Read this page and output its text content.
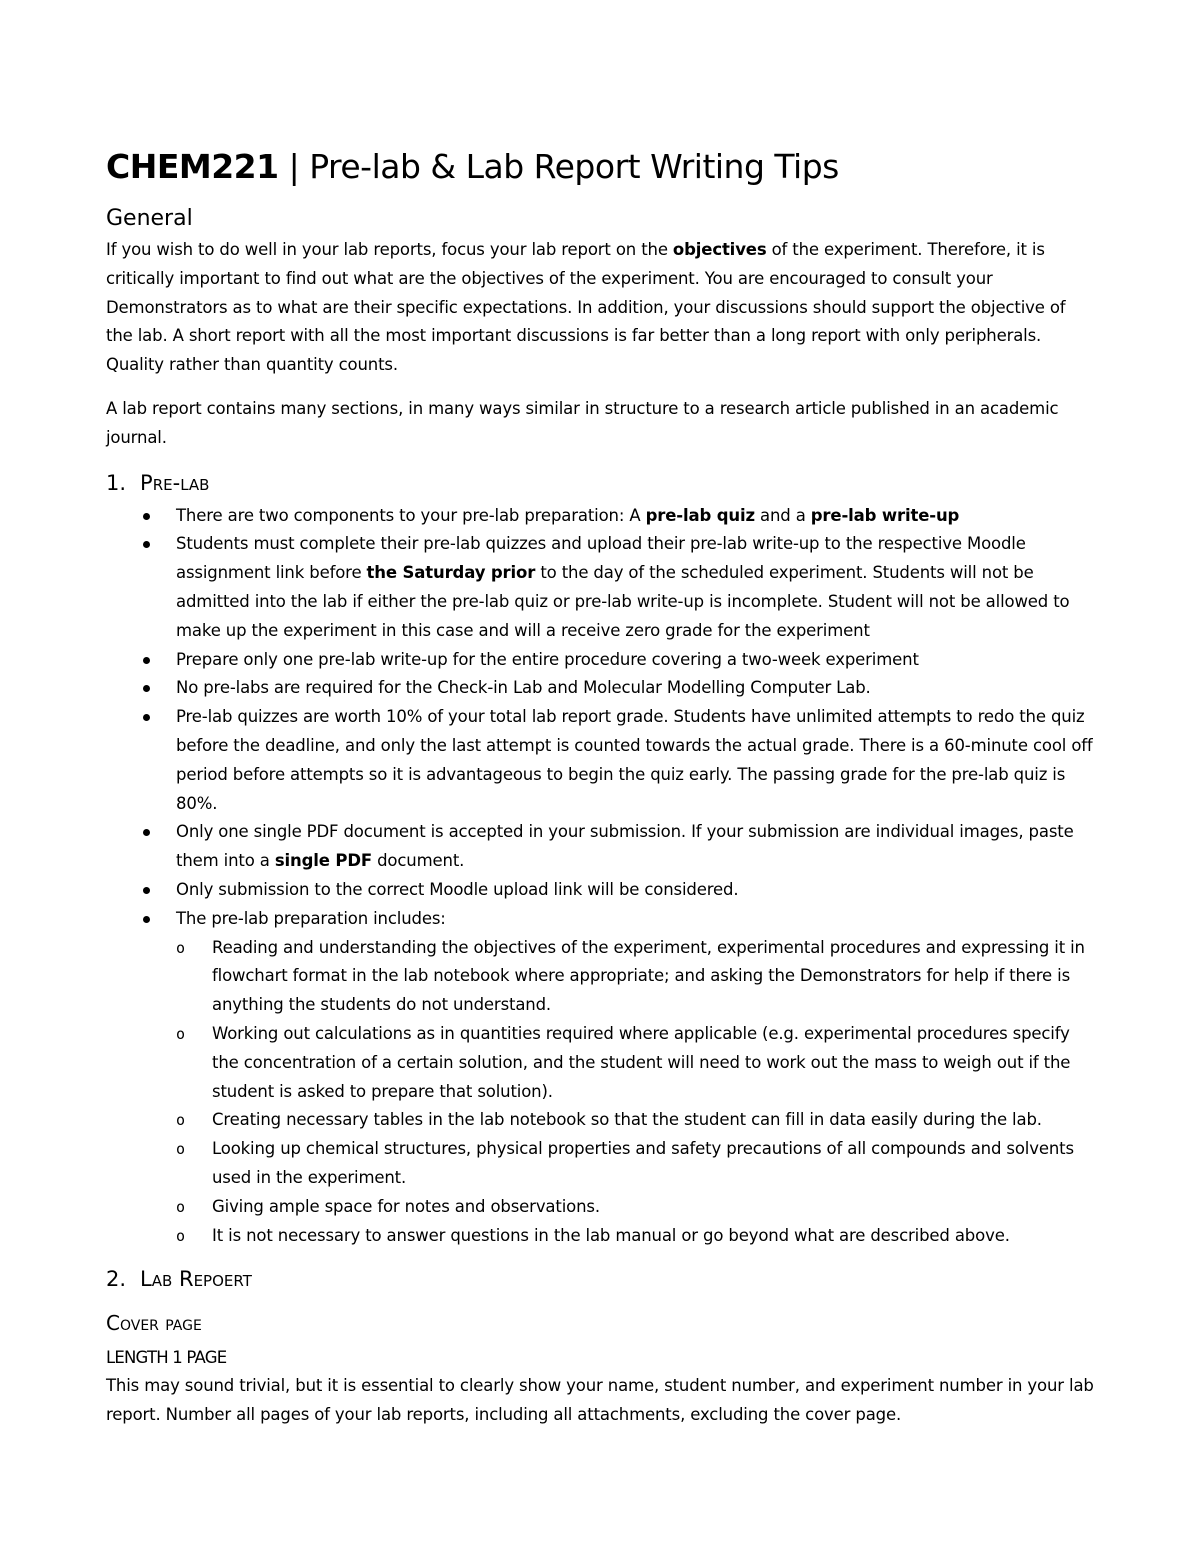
CHEM221 | Pre-lab & Lab Report Writing Tips
General

If you wish to do well in your lab reports, focus your lab report on the objectives of the experiment. Therefore, it is critically important to find out what are the objectives of the experiment. You are encouraged to consult your Demonstrators as to what are their specific expectations. In addition, your discussions should support the objective of the lab. A short report with all the most important discussions is far better than a long report with only peripherals. Quality rather than quantity counts.

A lab report contains many sections, in many ways similar in structure to a research article published in an academic journal.

1. Pre-lab
There are two components to your pre-lab preparation: A pre-lab quiz and a pre-lab write-up
Students must complete their pre-lab quizzes and upload their pre-lab write-up to the respective Moodle assignment link before the Saturday prior to the day of the scheduled experiment. Students will not be admitted into the lab if either the pre-lab quiz or pre-lab write-up is incomplete. Student will not be allowed to make up the experiment in this case and will a receive zero grade for the experiment
Prepare only one pre-lab write-up for the entire procedure covering a two-week experiment
No pre-labs are required for the Check-in Lab and Molecular Modelling Computer Lab.
Pre-lab quizzes are worth 10% of your total lab report grade. Students have unlimited attempts to redo the quiz before the deadline, and only the last attempt is counted towards the actual grade. There is a 60-minute cool off period before attempts so it is advantageous to begin the quiz early. The passing grade for the pre-lab quiz is 80%.
Only one single PDF document is accepted in your submission. If your submission are individual images, paste them into a single PDF document.
Only submission to the correct Moodle upload link will be considered.
The pre-lab preparation includes:
o Reading and understanding the objectives of the experiment, experimental procedures and expressing it in flowchart format in the lab notebook where appropriate; and asking the Demonstrators for help if there is anything the students do not understand.
o Working out calculations as in quantities required where applicable (e.g. experimental procedures specify the concentration of a certain solution, and the student will need to work out the mass to weigh out if the student is asked to prepare that solution).
o Creating necessary tables in the lab notebook so that the student can fill in data easily during the lab.
o Looking up chemical structures, physical properties and safety precautions of all compounds and solvents used in the experiment.
o Giving ample space for notes and observations.
o It is not necessary to answer questions in the lab manual or go beyond what are described above.
2. Lab Repoert
Cover page
LENGTH 1 PAGE

This may sound trivial, but it is essential to clearly show your name, student number, and experiment number in your lab report. Number all pages of your lab reports, including all attachments, excluding the cover page.
